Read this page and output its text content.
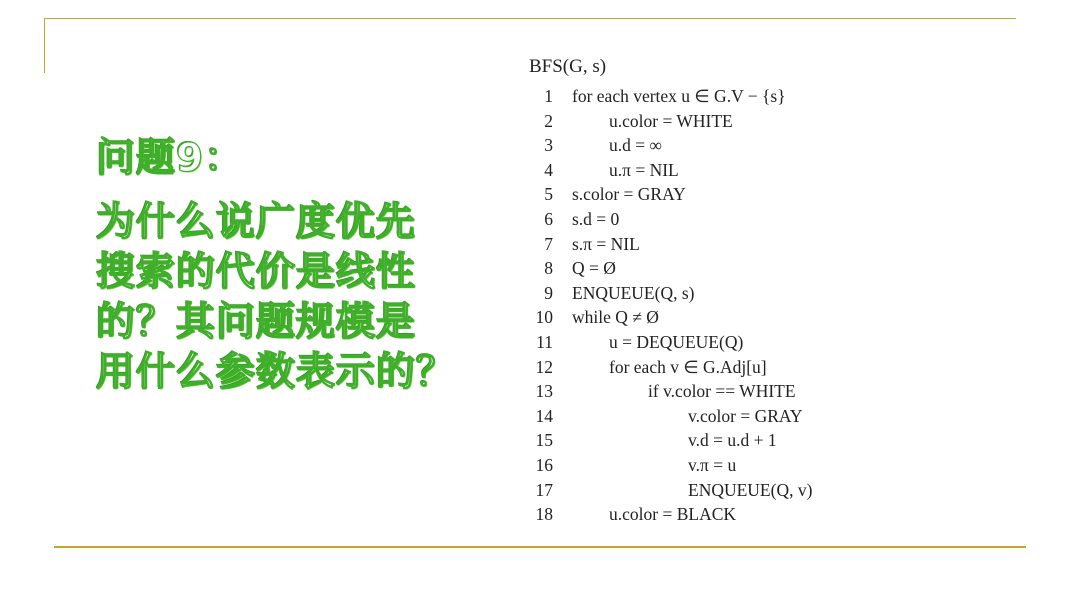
问题9：
为什么说广度优先
搜索的代价是线性
的？其问题规模是
用什么参数表示的？
BFS(G, s)
1 for each vertex u ∈ G.V − {s}
2	u.color = WHITE
3	u.d = ∞
4	u.π = NIL
5 s.color = GRAY
6 s.d = 0
7 s.π = NIL
8 Q = Ø
9 ENQUEUE(Q, s)
10 while Q ≠ Ø
11	u = DEQUEUE(Q)
12	for each v ∈ G.Adj[u]
13	if v.color == WHITE
14	v.color = GRAY
15	v.d = u.d + 1
16	v.π = u
17	ENQUEUE(Q, v)
18	u.color = BLACK
